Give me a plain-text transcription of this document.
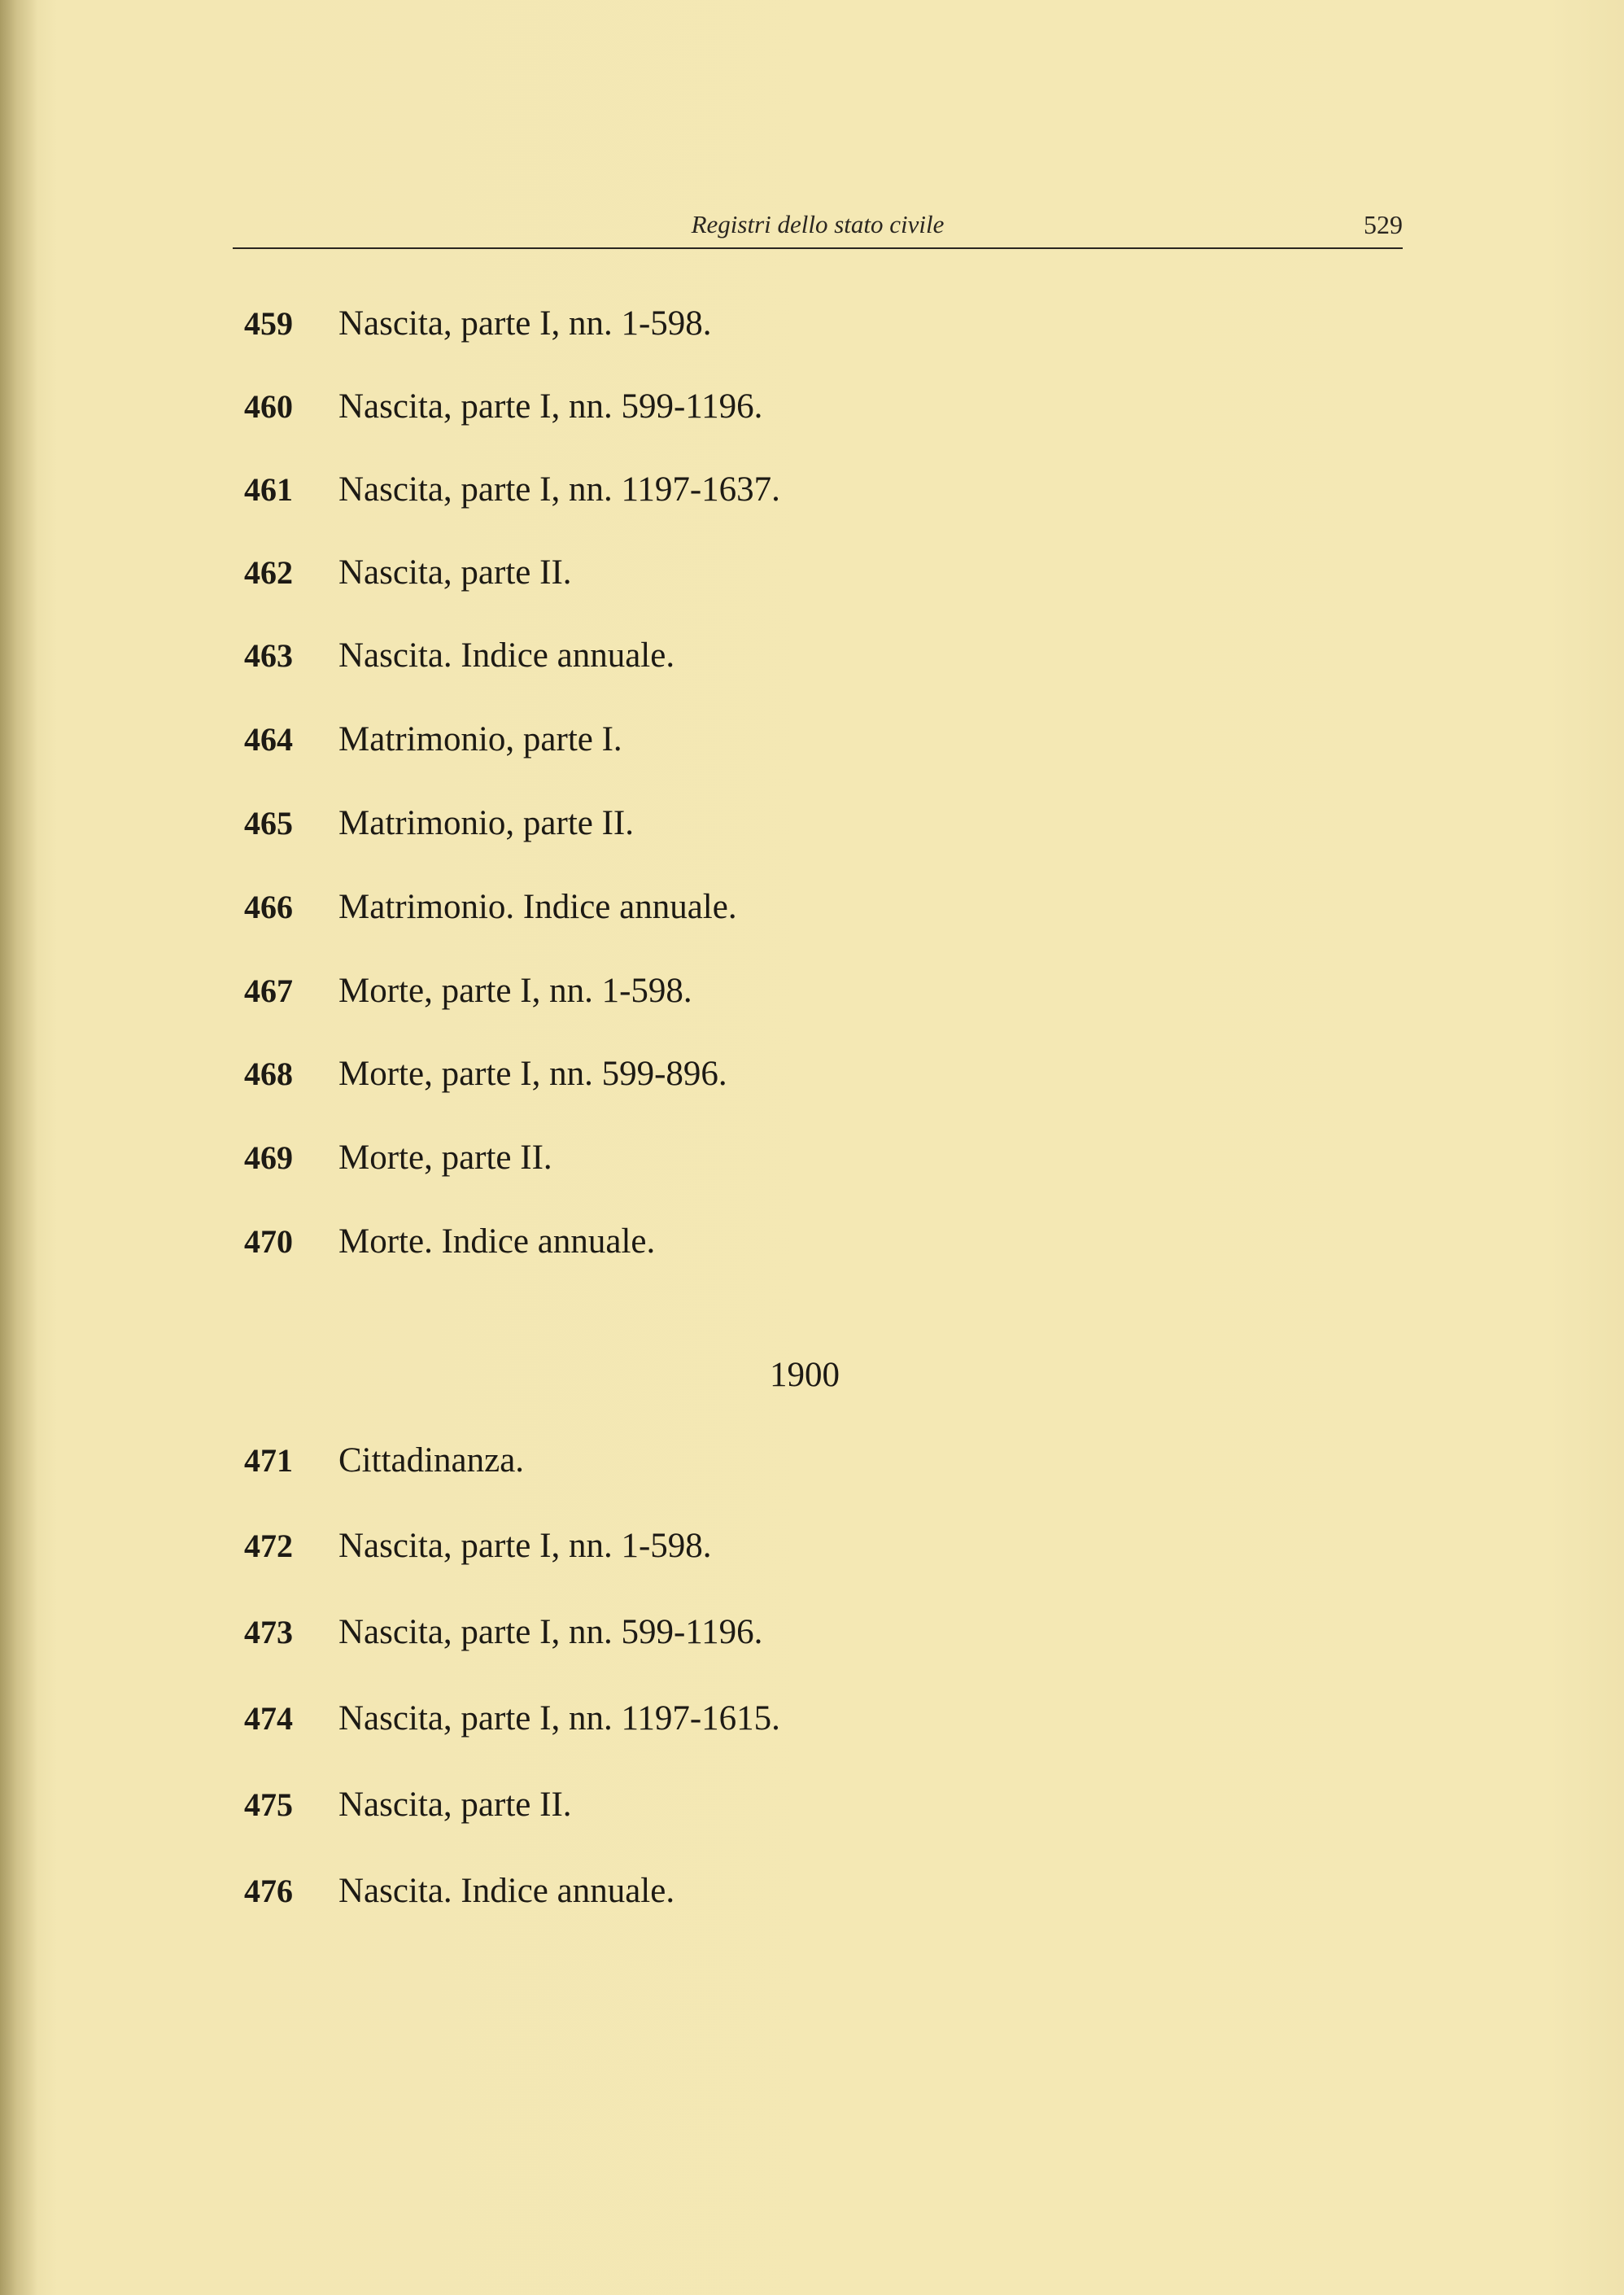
Registri dello stato civile	529
459 Nascita, parte I, nn. 1-598.
460 Nascita, parte I, nn. 599-1196.
461 Nascita, parte I, nn. 1197-1637.
462 Nascita, parte II.
463 Nascita. Indice annuale.
464 Matrimonio, parte I.
465 Matrimonio, parte II.
466 Matrimonio. Indice annuale.
467 Morte, parte I, nn. 1-598.
468 Morte, parte I, nn. 599-896.
469 Morte, parte II.
470 Morte. Indice annuale.
1900
471 Cittadinanza.
472 Nascita, parte I, nn. 1-598.
473 Nascita, parte I, nn. 599-1196.
474 Nascita, parte I, nn. 1197-1615.
475 Nascita, parte II.
476 Nascita. Indice annuale.
